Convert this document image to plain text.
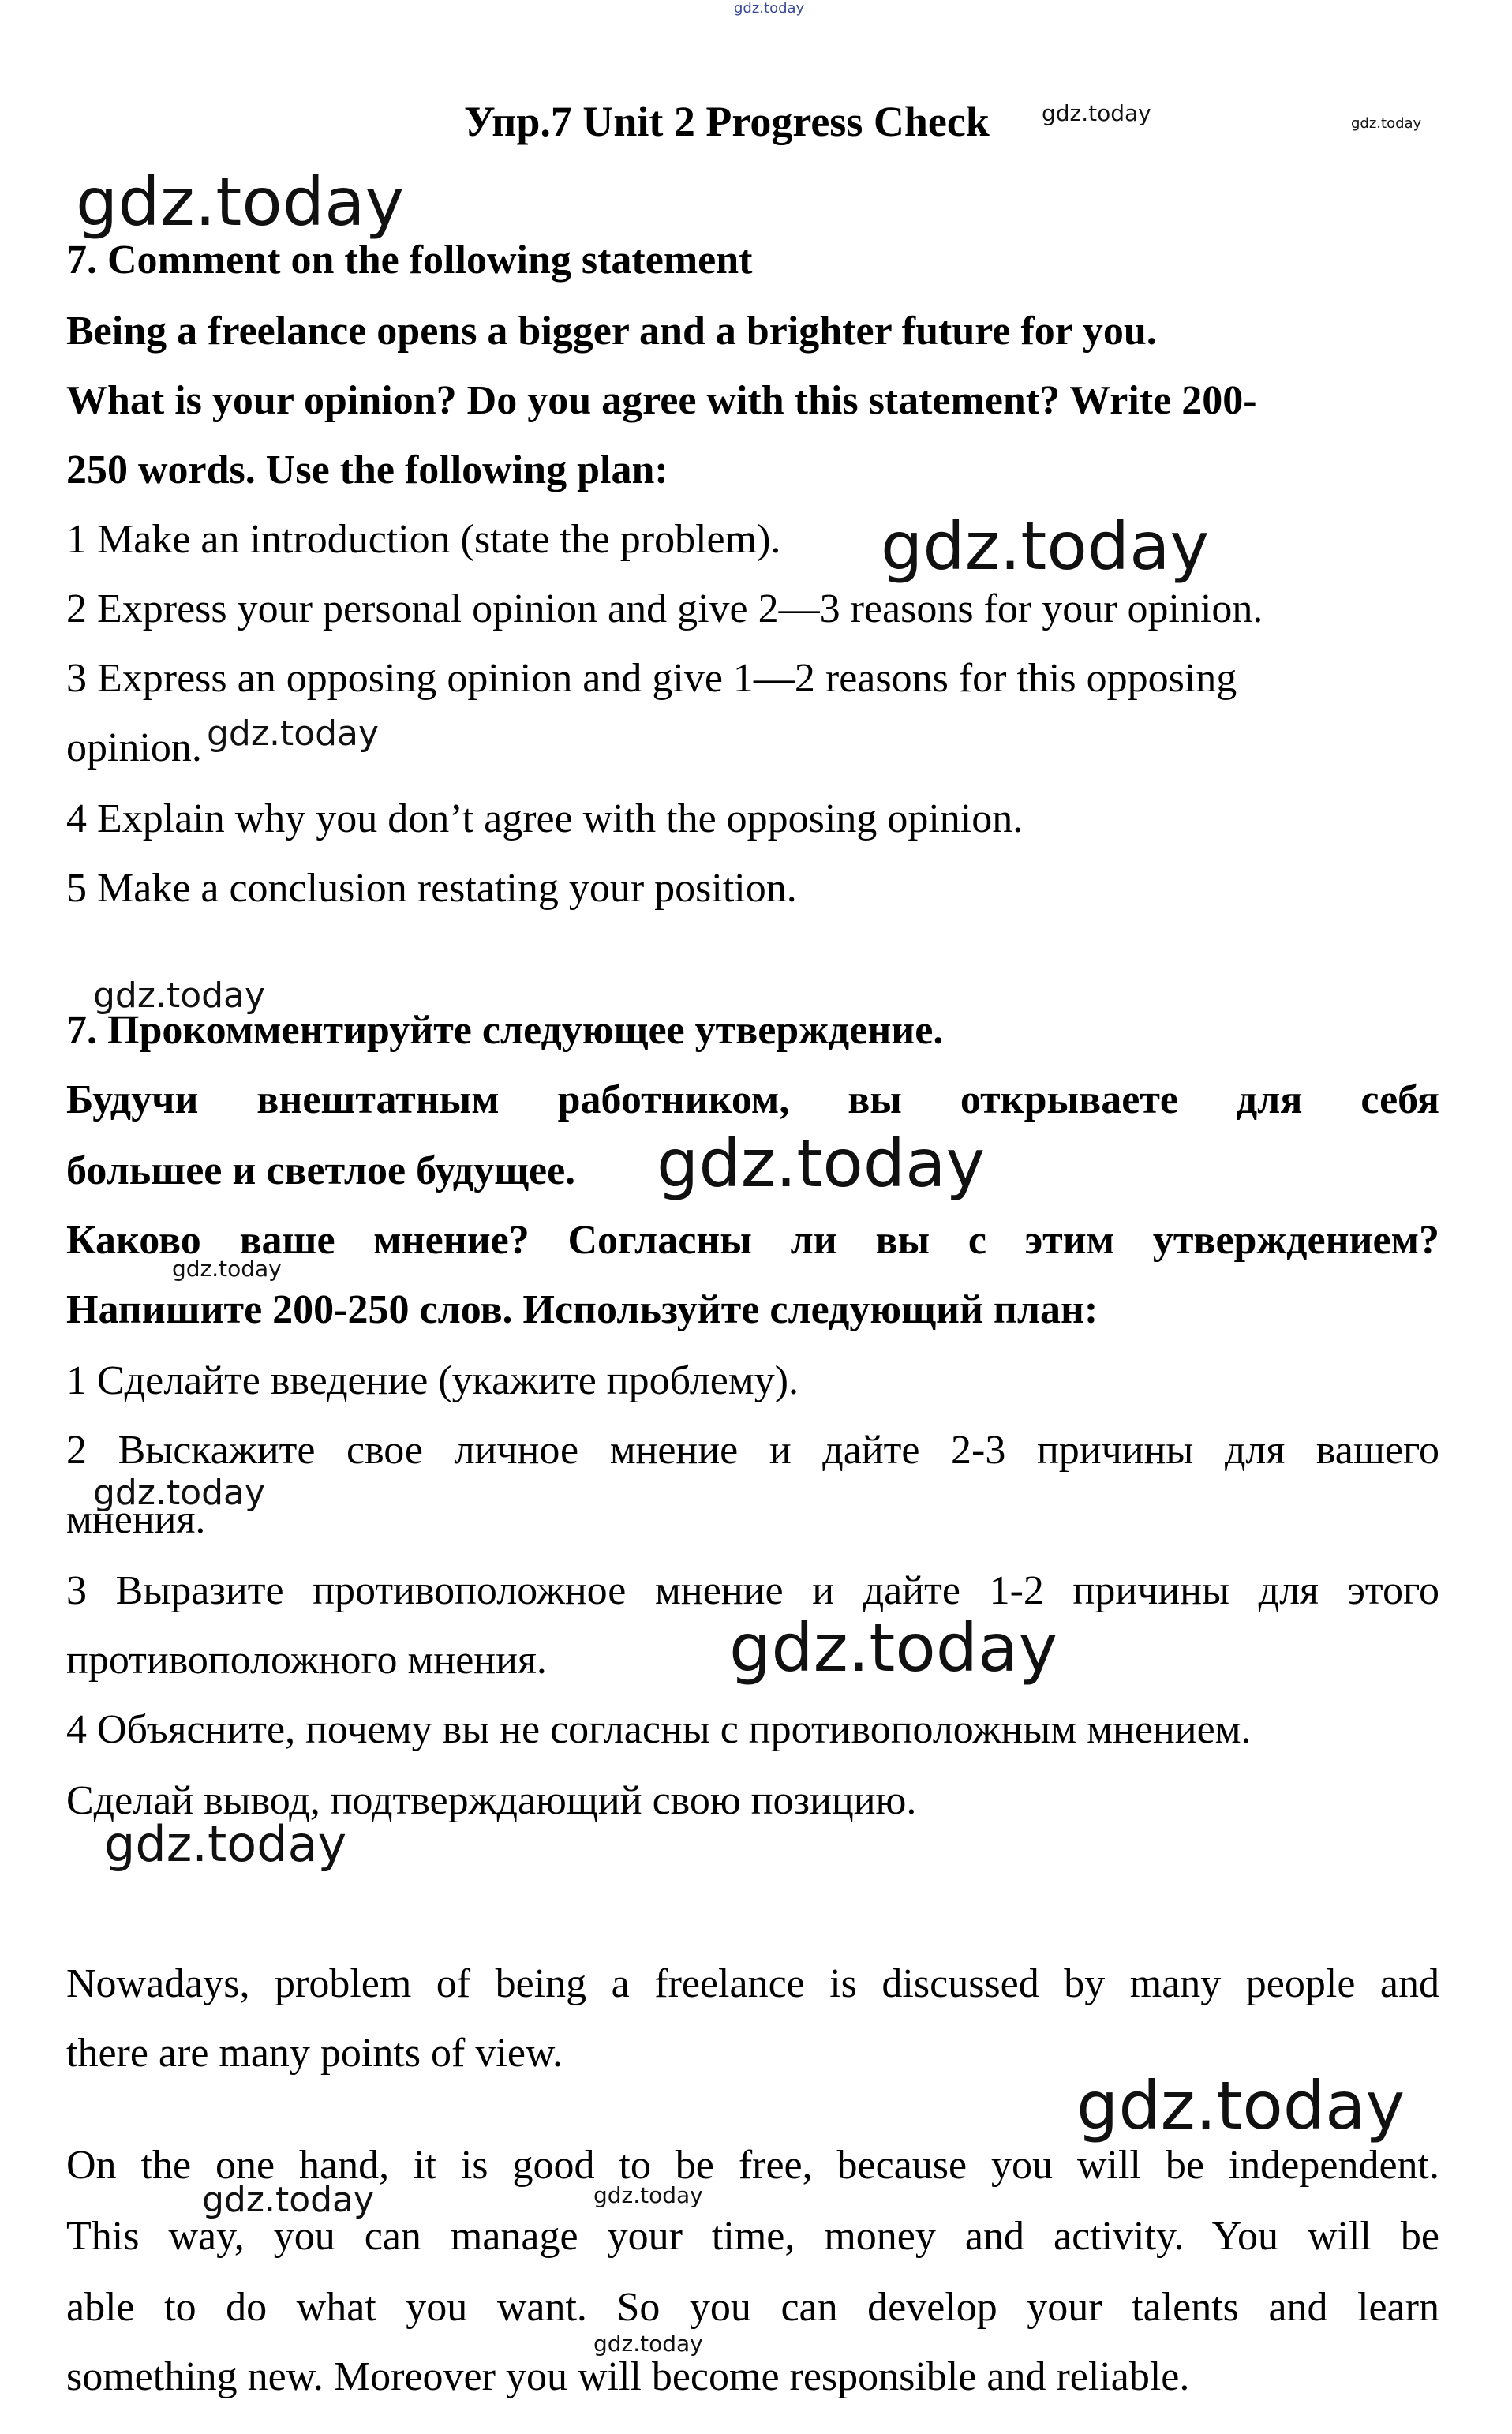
gdz.today
gdz.today	gdz.today
gdz.today
gdz.today
gdz.today
gdz.today
gdz.today
gdz.today
gdz.today
gdz.today
gdz.today
gdz.today
gdz.today	gdz.today
gdz.today
Упр.7 Unit 2 Progress Check
7. Comment on the following statement
Being a freelance opens a bigger and a brighter future for you.
What is your opinion? Do you agree with this statement? Write 200-
250 words. Use the following plan:
1 Make an introduction (state the problem).
2 Express your personal opinion and give 2—3 reasons for your opinion.
3 Express an opposing opinion and give 1—2 reasons for this opposing
opinion.
4 Explain why you don’t agree with the opposing opinion.
5 Make a conclusion restating your position.
7. Прокомментируйте следующее утверждение.
Будучи внештатным работником, вы открываете для себя
большее и светлое будущее.
Каково ваше мнение? Согласны ли вы с этим утверждением?
Напишите 200-250 слов. Используйте следующий план:
1 Сделайте введение (укажите проблему).
2 Выскажите свое личное мнение и дайте 2-3 причины для вашего
мнения.
3 Выразите противоположное мнение и дайте 1-2 причины для этого
противоположного мнения.
4 Объясните, почему вы не согласны с противоположным мнением.
Сделай вывод, подтверждающий свою позицию.
Nowadays, problem of being a freelance is discussed by many people and
there are many points of view.
On the one hand, it is good to be free, because you will be independent.
This way, you can manage your time, money and activity. You will be
able to do what you want. So you can develop your talents and learn
something new. Moreover you will become responsible and reliable.
